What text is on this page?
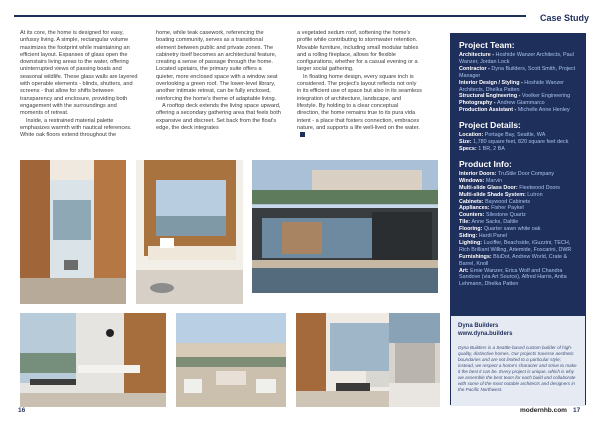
Case Study

At its core, the home is designed for easy, unfussy living. A simple, rectangular volume maximizes the footprint while maintaining an efficient layout. Expanses of glass open the downstairs living areas to the water, offering uninterrupted views of passing boats and seasonal wildlife. These glass walls are layered with operable elements - blinds, shutters, and screens - that allow for shifts between transparency and enclosure, providing both engagement with the surroundings and moments of retreat.

Inside, a restrained material palette emphasizes warmth with nautical references. White oak floors extend throughout the

home, while teak casework, referencing the boating community, serves as a transitional element between public and private zones. The cabinetry itself becomes an architectural feature, creating a sense of passage through the home. Located upstairs, the primary suite offers a quieter, more enclosed space with a window seat overlooking a green roof. The lower-level library, another intimate retreat, can be fully enclosed, reinforcing the home's theme of adaptable living.

A rooftop deck extends the living space upward, offering a secondary gathering area that feels both expansive and discreet. Set back from the float's edge, the deck integrates

a vegetated sedum roof, softening the home's profile while contributing to stormwater retention. Movable furniture, including small modular tables and a rolling fireplace, allows for flexible configurations, whether for a casual evening or a larger social gathering.

In floating home design, every square inch is considered. The project's layout reflects not only in its efficient use of space but also in its seamless integration of architecture, landscape, and lifestyle. By holding to a clear conceptual direction, the home remains true to its pura vida intent - a place that fosters connection, embraces nature, and supports a life well-lived on the water.

Project Team:
Architecture - Hoshide Wanzer Architects, Paul Wanzer, Jordan Lock
Contractor - Dyna Builders, Scott Smith, Project Manager
Interior Design / Styling - Hoshide Wanzer Architects, Dhelka Patten
Structural Engineering - Voelker Engineering
Photography - Andrew Giammarco
Production Assistant - Michelle Anne Henley
Project Details:
Location: Portage Bay, Seattle, WA
Size: 1,780 square feet, 820 square feet deck
Specs: 1 BR, 2 BA
Product Info:
Interior Doors: TruStile Door Company
Windows: Marvin
Multi-slide Glass Door: Fleetwood Doors
Multi-slide Shade System: Lutron
Cabinets: Baywood Cabinets
Appliances: Fisher Paykel
Counters: Silestone Quartz
Tile: Anne Sacks, Daltile
Flooring: Quarter sawn white oak
Siding: Hardi Panel
Lighting: Luciffer, Beachside, iGuzzini, TECH, Rich Brilliant Willing, Artemide, Foscarini, DWR
Furnishings: BluDot, Andrew World, Crate & Barrel, Knoll
Art: Ernie Wanzer, Erica Wolf and Chandra Sandove (via Art Source), Alfred Harris, Anita Lehmann, Dhelka Patten
All images credit: Andrew Giammarco
Dyna Builders
www.dyna.builders
Dyna Builders is a Seattle-based custom builder of high-quality, distinctive homes. Our projects traverse aesthetic boundaries and are not limited to a particular style; instead, we respect a home's character and strive to make it the best it can be. Every project is unique, which is why we assemble the best team for each build and collaborate with some of the most notable architects and designers in the Pacific Northwest.
16	modernhb.com 17
